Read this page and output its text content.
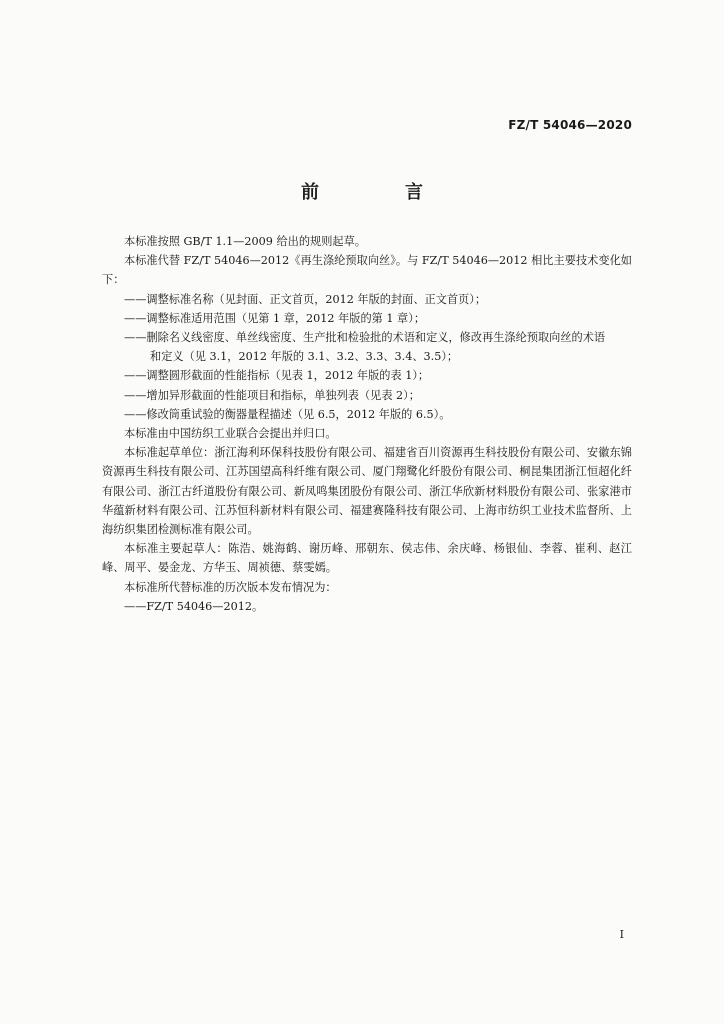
FZ/T 54046—2020
前　言

本标准按照 GB/T 1.1—2009 给出的规则起草。

本标准代替 FZ/T 54046—2012《再生涤纶预取向丝》。与 FZ/T 54046—2012 相比主要技术变化如下：

——调整标准名称（见封面、正文首页，2012 年版的封面、正文首页）；

——调整标准适用范围（见第 1 章，2012 年版的第 1 章）；

——删除名义线密度、单丝线密度、生产批和检验批的术语和定义，修改再生涤纶预取向丝的术语

和定义（见 3.1，2012 年版的 3.1、3.2、3.3、3.4、3.5）；

——调整圆形截面的性能指标（见表 1，2012 年版的表 1）；

——增加异形截面的性能项目和指标，单独列表（见表 2）；

——修改筒重试验的衡器量程描述（见 6.5，2012 年版的 6.5）。

本标准由中国纺织工业联合会提出并归口。

本标准起草单位：浙江海利环保科技股份有限公司、福建省百川资源再生科技股份有限公司、安徽东锦资源再生科技有限公司、江苏国望高科纤维有限公司、厦门翔鹭化纤股份有限公司、桐昆集团浙江恒超化纤有限公司、浙江古纤道股份有限公司、新凤鸣集团股份有限公司、浙江华欣新材料股份有限公司、张家港市华蕴新材料有限公司、江苏恒科新材料有限公司、福建赛隆科技有限公司、上海市纺织工业技术监督所、上海纺织集团检测标准有限公司。

本标准主要起草人：陈浩、姚海鹤、谢历峰、邢朝东、侯志伟、余庆峰、杨银仙、李蓉、崔利、赵江峰、周平、晏金龙、方华玉、周祯德、蔡雯嫣。

本标准所代替标准的历次版本发布情况为：

——FZ/T 54046—2012。

I
